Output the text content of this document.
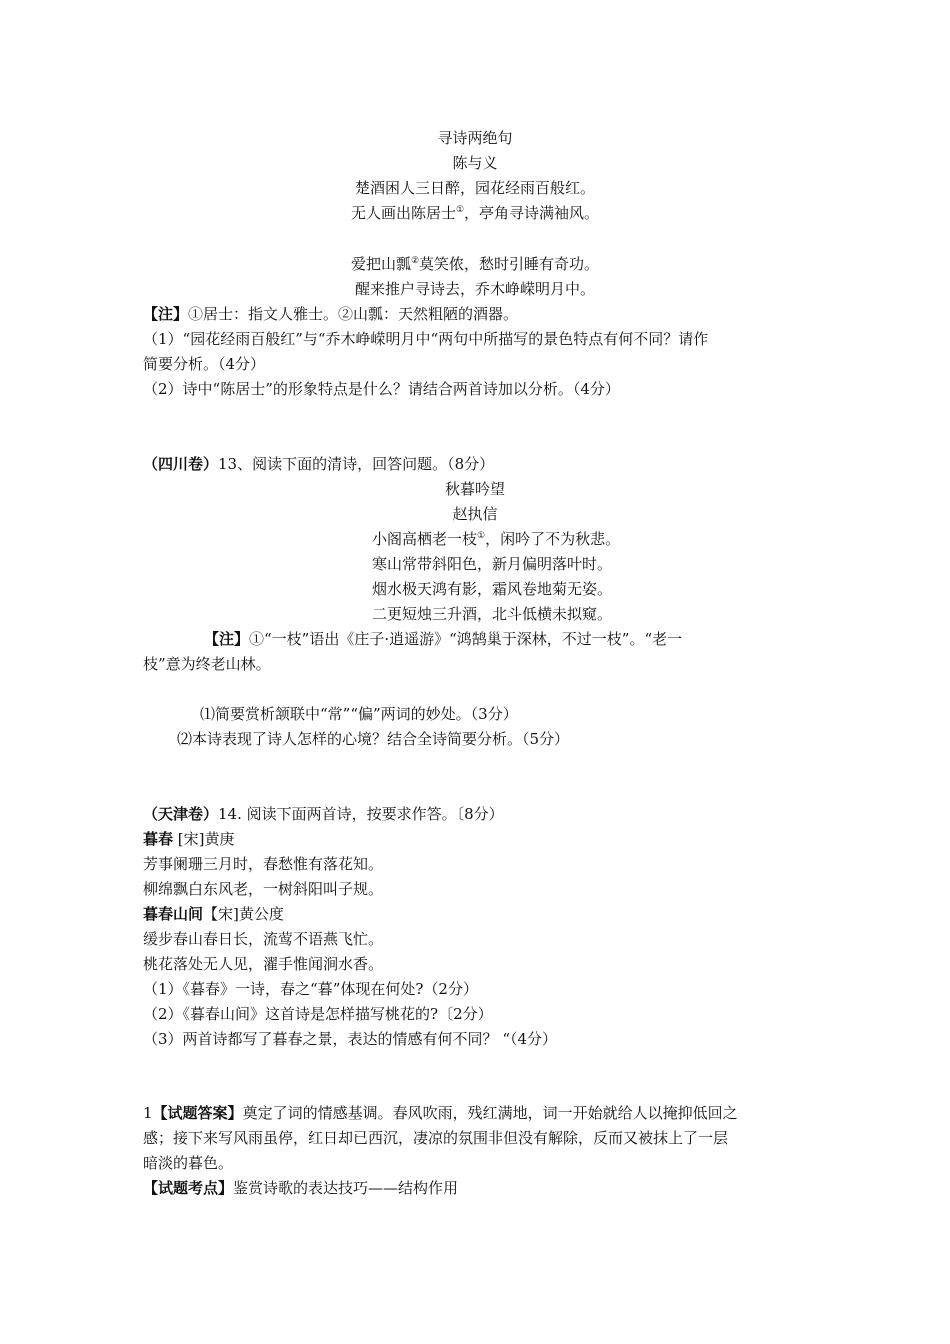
寻诗两绝句
陈与义
楚酒困人三日醉，园花经雨百般红。
无人画出陈居士①，亭角寻诗满袖风。
爱把山瓢②莫笑侬，愁时引睡有奇功。
醒来推户寻诗去，乔木峥嵘明月中。
【注】①居士：指文人雅士。②山瓢：天然粗陋的酒器。
（1）“园花经雨百般红”与“乔木峥嵘明月中“两句中所描写的景色特点有何不同？请作
简要分析。（4分）
（2）诗中“陈居士”的形象特点是什么？请结合两首诗加以分析。（4分）
（四川卷）13、阅读下面的清诗，回答问题。（8分）
秋暮吟望
赵执信
小阁高栖老一枝①，闲吟了不为秋悲。
寒山常带斜阳色，新月偏明落叶时。
烟水极天鸿有影，霜风卷地菊无姿。
二更短烛三升酒，北斗低横未拟窥。
【注】①“一枝”语出《庄子·逍遥游》“鸿鹄巢于深林，不过一枝”。“老一
枝”意为终老山林。
⑴简要赏析颔联中“常”“偏”两词的妙处。（3分）
⑵本诗表现了诗人怎样的心境？结合全诗简要分析。（5分）
（天津卷）14. 阅读下面两首诗，按要求作答。〔8分）
暮春 [宋]黄庚
芳事阑珊三月时，春愁惟有落花知。
柳绵飘白东风老，一树斜阳叫子规。
暮春山间【宋]黄公度
缓步春山春日长，流莺不语燕飞忙。
桃花落处无人见，濯手惟闻涧水香。
（1）《暮春》一诗，春之“暮”体现在何处?（2分）
（2）《暮春山间》这首诗是怎样描写桃花的?〔2分）
（3）两首诗都写了暮春之景，表达的情感有何不同？ “（4分）
1【试题答案】奠定了词的情感基调。春风吹雨，残红满地，词一开始就给人以掩抑低回之
感；接下来写风雨虽停，红日却已西沉，凄凉的氛围非但没有解除，反而又被抹上了一层
暗淡的暮色。
【试题考点】鉴赏诗歌的表达技巧——结构作用
